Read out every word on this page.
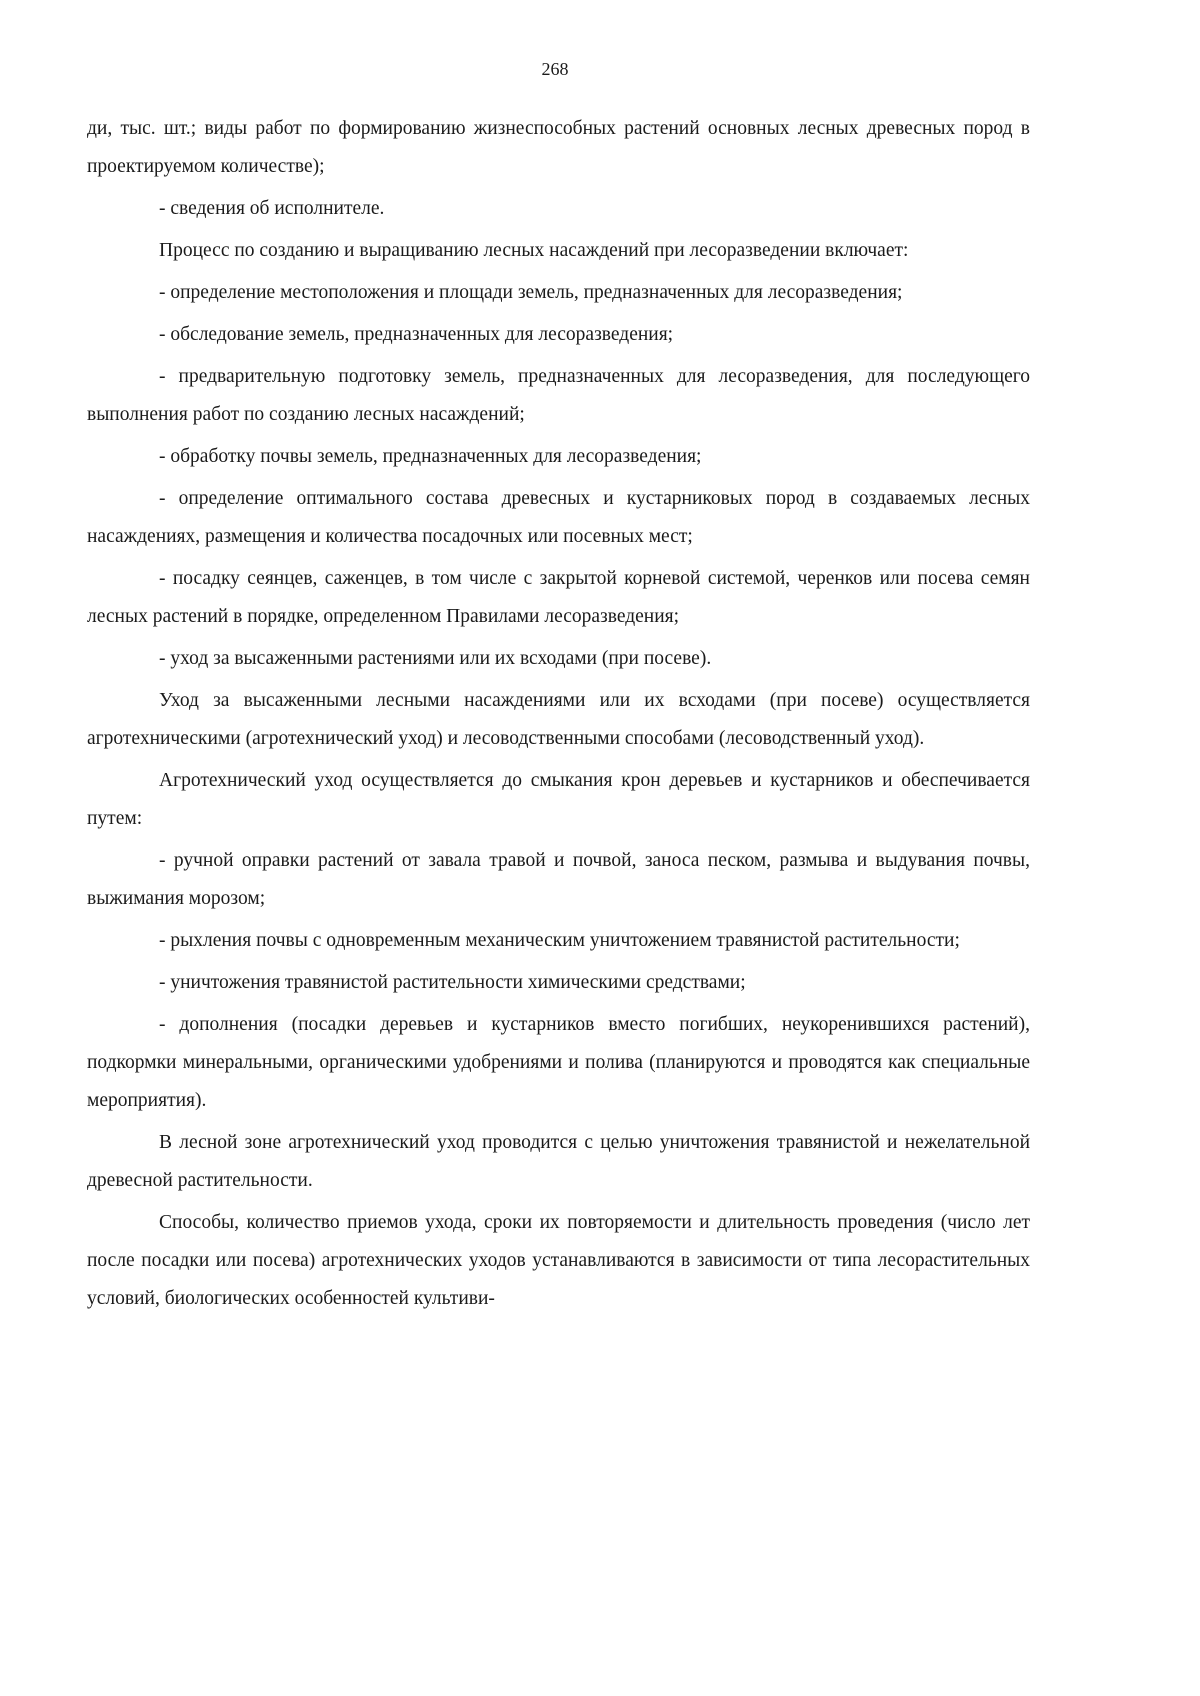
268

ди, тыс. шт.; виды работ по формированию жизнеспособных растений основных лесных древесных пород в проектируемом количестве);

- сведения об исполнителе.

Процесс по созданию и выращиванию лесных насаждений при лесоразведении включает:

- определение местоположения и площади земель, предназначенных для лесоразведения;

- обследование земель, предназначенных для лесоразведения;

- предварительную подготовку земель, предназначенных для лесоразведения, для последующего выполнения работ по созданию лесных насаждений;

- обработку почвы земель, предназначенных для лесоразведения;

- определение оптимального состава древесных и кустарниковых пород в создаваемых лесных насаждениях, размещения и количества посадочных или посевных мест;

- посадку сеянцев, саженцев, в том числе с закрытой корневой системой, черенков или посева семян лесных растений в порядке, определенном Правилами лесоразведения;

- уход за высаженными растениями или их всходами (при посеве).

Уход за высаженными лесными насаждениями или их всходами (при посеве) осуществляется агротехническими (агротехнический уход) и лесоводственными способами (лесоводственный уход).

Агротехнический уход осуществляется до смыкания крон деревьев и кустарников и обеспечивается путем:

- ручной оправки растений от завала травой и почвой, заноса песком, размыва и выдувания почвы, выжимания морозом;

- рыхления почвы с одновременным механическим уничтожением травянистой растительности;

- уничтожения травянистой растительности химическими средствами;

- дополнения (посадки деревьев и кустарников вместо погибших, неукоренившихся растений), подкормки минеральными, органическими удобрениями и полива (планируются и проводятся как специальные мероприятия).

В лесной зоне агротехнический уход проводится с целью уничтожения травянистой и нежелательной древесной растительности.

Способы, количество приемов ухода, сроки их повторяемости и длительность проведения (число лет после посадки или посева) агротехнических уходов устанавливаются в зависимости от типа лесорастительных условий, биологических особенностей культиви-
